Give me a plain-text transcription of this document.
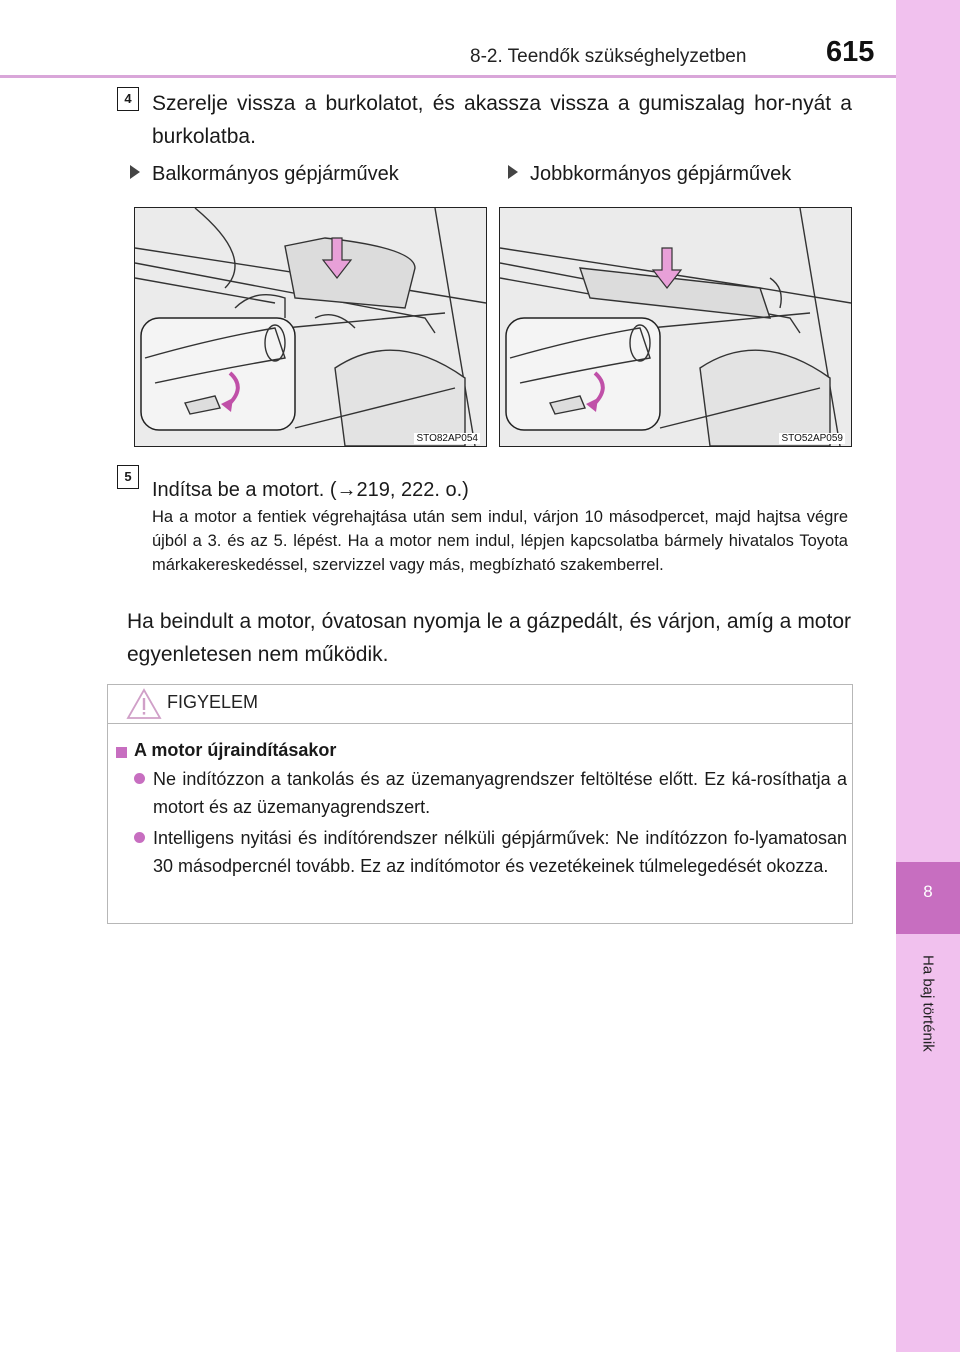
8-2. Teendők szükséghelyzetben	615
8
Ha baj történik
4 Szerelje vissza a burkolatot, és akassza vissza a gumiszalag hor-nyát a burkolatba.
Balkormányos gépjárművek	Jobbkormányos gépjárművek
STO82AP054	STO52AP059
5
Indítsa be a motort. (→219, 222. o.)
Ha a motor a fentiek végrehajtása után sem indul, várjon 10 másodpercet, majd hajtsa végre újból a 3. és az 5. lépést. Ha a motor nem indul, lépjen kapcsolatba bármely hivatalos Toyota márkakereskedéssel, szervizzel vagy más, megbízható szakemberrel.
Ha beindult a motor, óvatosan nyomja le a gázpedált, és várjon, amíg a motor egyenletesen nem működik.
FIGYELEM
A motor újraindításakor
Ne indítózzon a tankolás és az üzemanyagrendszer feltöltése előtt. Ez ká-rosíthatja a motort és az üzemanyagrendszert.
Intelligens nyitási és indítórendszer nélküli gépjárművek: Ne indítózzon fo-lyamatosan 30 másodpercnél tovább. Ez az indítómotor és vezetékeinek túlmelegedését okozza.
